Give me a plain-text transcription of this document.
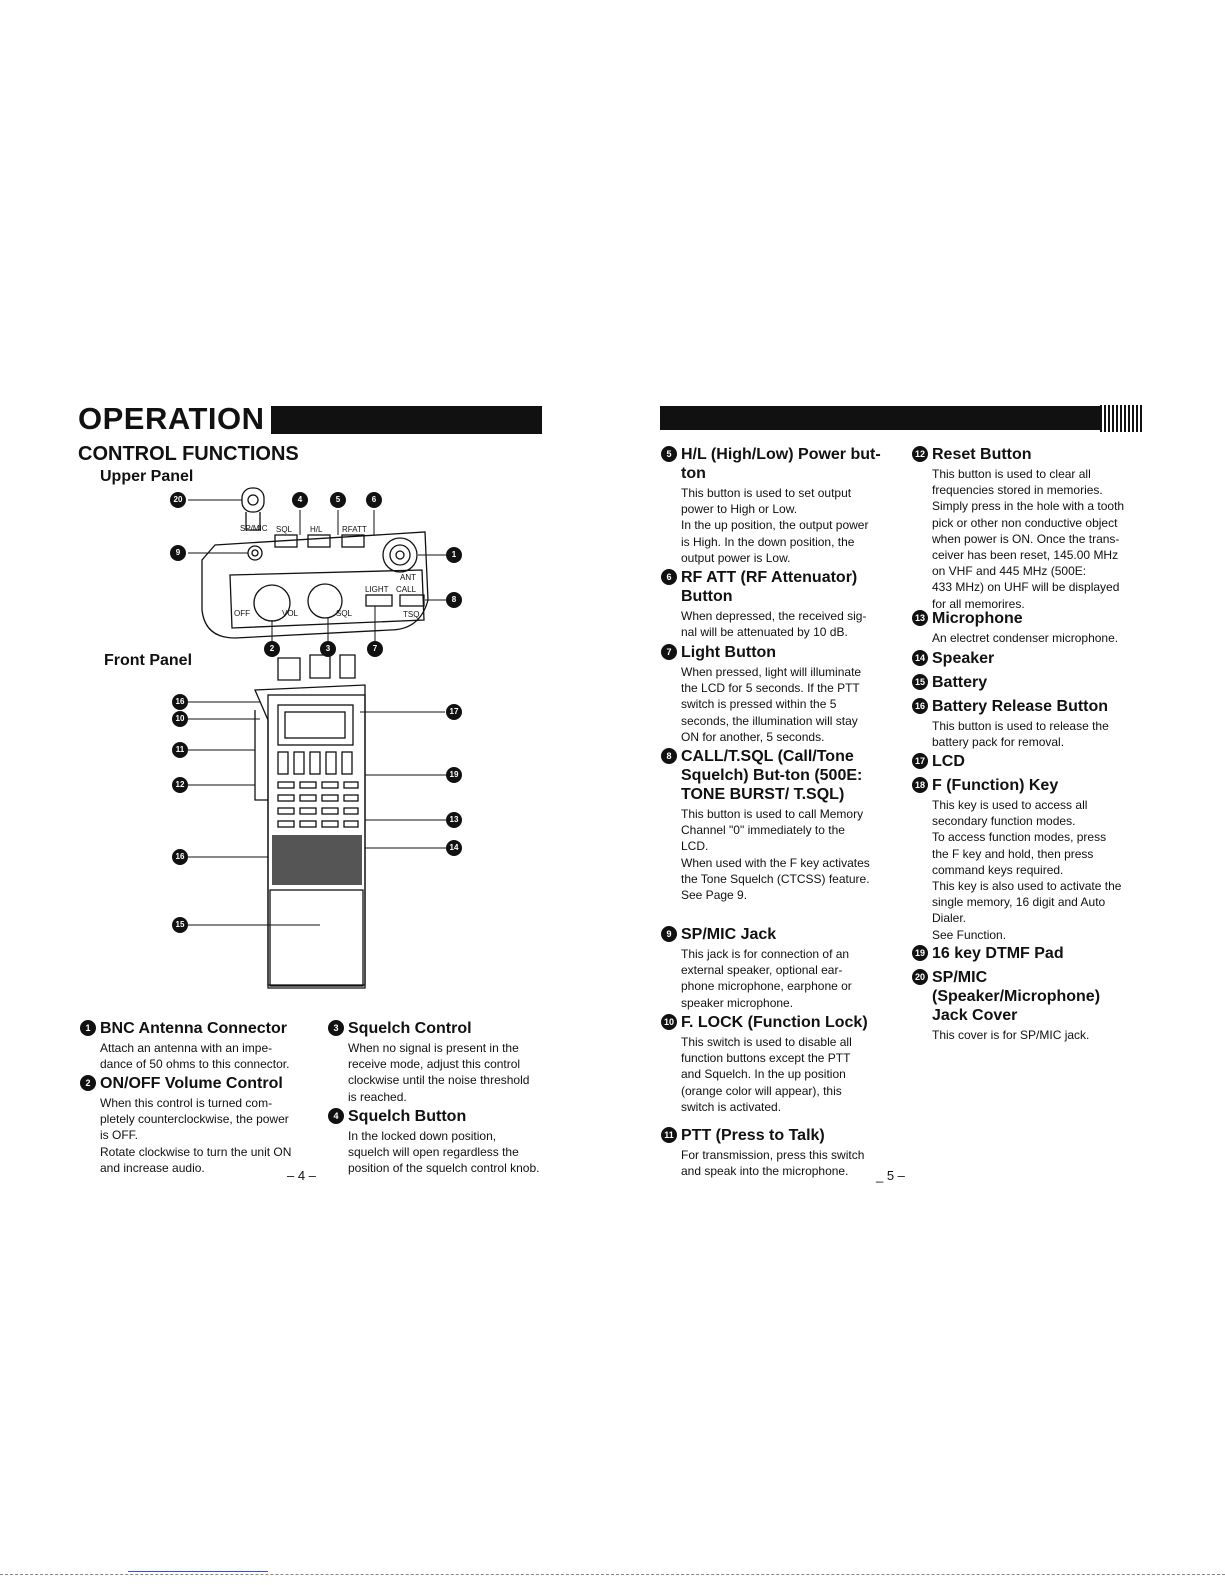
OPERATION
CONTROL FUNCTIONS
Upper Panel
Front Panel
SP/MIC SQL H/L RFATT
ANT
LIGHT CALL
OFF	VOL	SQL	TSQ
20
9
4	5	6
1
8
2	3	7
16
10
11
12
16
15
17
19
13
14
1 BNC Antenna Connector

Attach an antenna with an impe-
dance of 50 ohms to this connector.

2 ON/OFF Volume Control

When this control is turned com-
pletely counterclockwise, the power
is OFF.
Rotate clockwise to turn the unit ON
and increase audio.

– 4 –
3 Squelch Control

When no signal is present in the
receive mode, adjust this control
clockwise until the noise threshold
is reached.

4 Squelch Button

In the locked down position,
squelch will open regardless the
position of the squelch control knob.

5 H/L (High/Low) Power but-ton

This button is used to set output
power to High or Low.
In the up position, the output power
is High. In the down position, the
output power is Low.

6 RF ATT (RF Attenuator) Button

When depressed, the received sig-
nal will be attenuated by 10 dB.

7 Light Button

When pressed, light will illuminate
the LCD for 5 seconds. If the PTT
switch is pressed within the 5
seconds, the illumination will stay
ON for another, 5 seconds.

8 CALL/T.SQL (Call/Tone Squelch) But-ton (500E: TONE BURST/ T.SQL)

This button is used to call Memory
Channel "0" immediately to the
LCD.
When used with the F key activates
the Tone Squelch (CTCSS) feature.
See Page 9.

9 SP/MIC Jack

This jack is for connection of an
external speaker, optional ear-
phone microphone, earphone or
speaker microphone.

10 F. LOCK (Function Lock)

This switch is used to disable all
function buttons except the PTT
and Squelch. In the up position
(orange color will appear), this
switch is activated.

11 PTT (Press to Talk)

For transmission, press this switch
and speak into the microphone.	_ 5 –
12 Reset Button

This button is used to clear all
frequencies stored in memories.
Simply press in the hole with a tooth
pick or other non conductive object
when power is ON. Once the trans-
ceiver has been reset, 145.00 MHz
on VHF and 445 MHz (500E:
433 MHz) on UHF will be displayed
for all memorires.

13 Microphone

An electret condenser microphone.

14 Speaker
15 Battery
16 Battery Release Button

This button is used to release the
battery pack for removal.

17 LCD
18 F (Function) Key

This key is used to access all
secondary function modes.
To access function modes, press
the F key and hold, then press
command keys required.
This key is also used to activate the
single memory, 16 digit and Auto
Dialer.
See Function.

19 16 key DTMF Pad
20 SP/MIC (Speaker/Microphone) Jack Cover

This cover is for SP/MIC jack.
